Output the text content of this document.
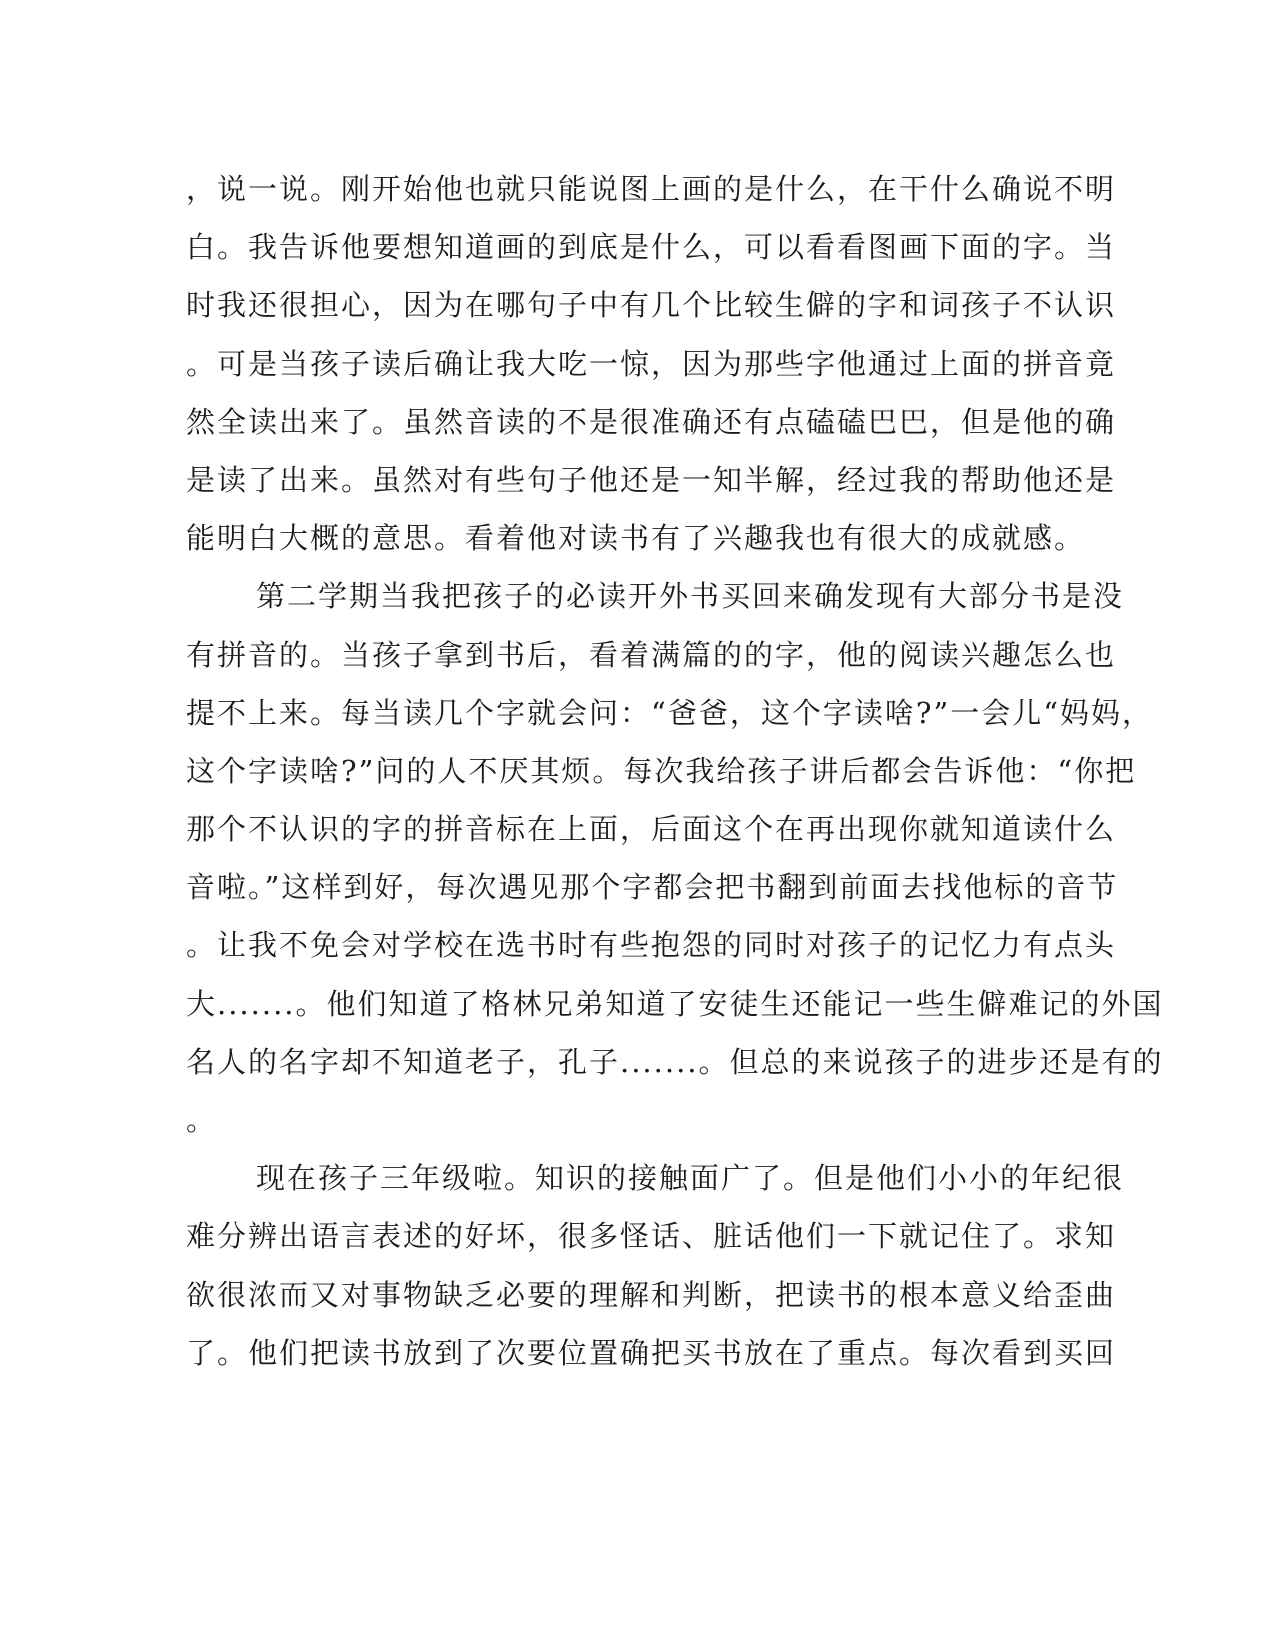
，说一说。刚开始他也就只能说图上画的是什么，在干什么确说不明
白。我告诉他要想知道画的到底是什么，可以看看图画下面的字。当
时我还很担心，因为在哪句子中有几个比较生僻的字和词孩子不认识
。可是当孩子读后确让我大吃一惊，因为那些字他通过上面的拼音竟
然全读出来了。虽然音读的不是很准确还有点磕磕巴巴，但是他的确
是读了出来。虽然对有些句子他还是一知半解，经过我的帮助他还是
能明白大概的意思。看着他对读书有了兴趣我也有很大的成就感。
第二学期当我把孩子的必读开外书买回来确发现有大部分书是没
有拼音的。当孩子拿到书后，看着满篇的的字，他的阅读兴趣怎么也
提不上来。每当读几个字就会问：“爸爸，这个字读啥?”一会儿“妈妈，
这个字读啥?”问的人不厌其烦。每次我给孩子讲后都会告诉他：“你把
那个不认识的字的拼音标在上面，后面这个在再出现你就知道读什么
音啦。”这样到好，每次遇见那个字都会把书翻到前面去找他标的音节
。让我不免会对学校在选书时有些抱怨的同时对孩子的记忆力有点头
大.......。他们知道了格林兄弟知道了安徒生还能记一些生僻难记的外国
名人的名字却不知道老子，孔子.......。但总的来说孩子的进步还是有的
。
现在孩子三年级啦。知识的接触面广了。但是他们小小的年纪很
难分辨出语言表述的好坏，很多怪话、脏话他们一下就记住了。求知
欲很浓而又对事物缺乏必要的理解和判断，把读书的根本意义给歪曲
了。他们把读书放到了次要位置确把买书放在了重点。每次看到买回
